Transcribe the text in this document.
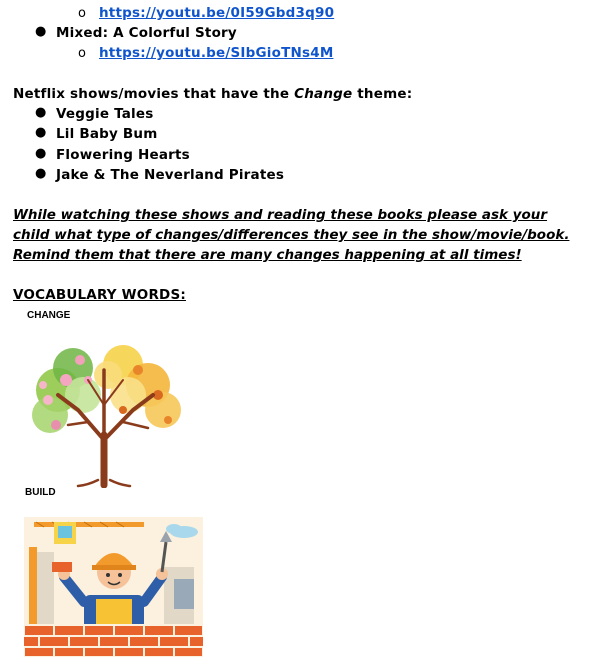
o https://youtu.be/0I59Gbd3q90
● Mixed: A Colorful Story
o https://youtu.be/SIbGioTNs4M
Netflix shows/movies that have the Change theme:
● Veggie Tales
● Lil Baby Bum
● Flowering Hearts
● Jake & The Neverland Pirates
While watching these shows and reading these books please ask your child what type of changes/differences they see in the show/movie/book. Remind them that there are many changes happening at all times!
VOCABULARY WORDS:
CHANGE
BUILD
